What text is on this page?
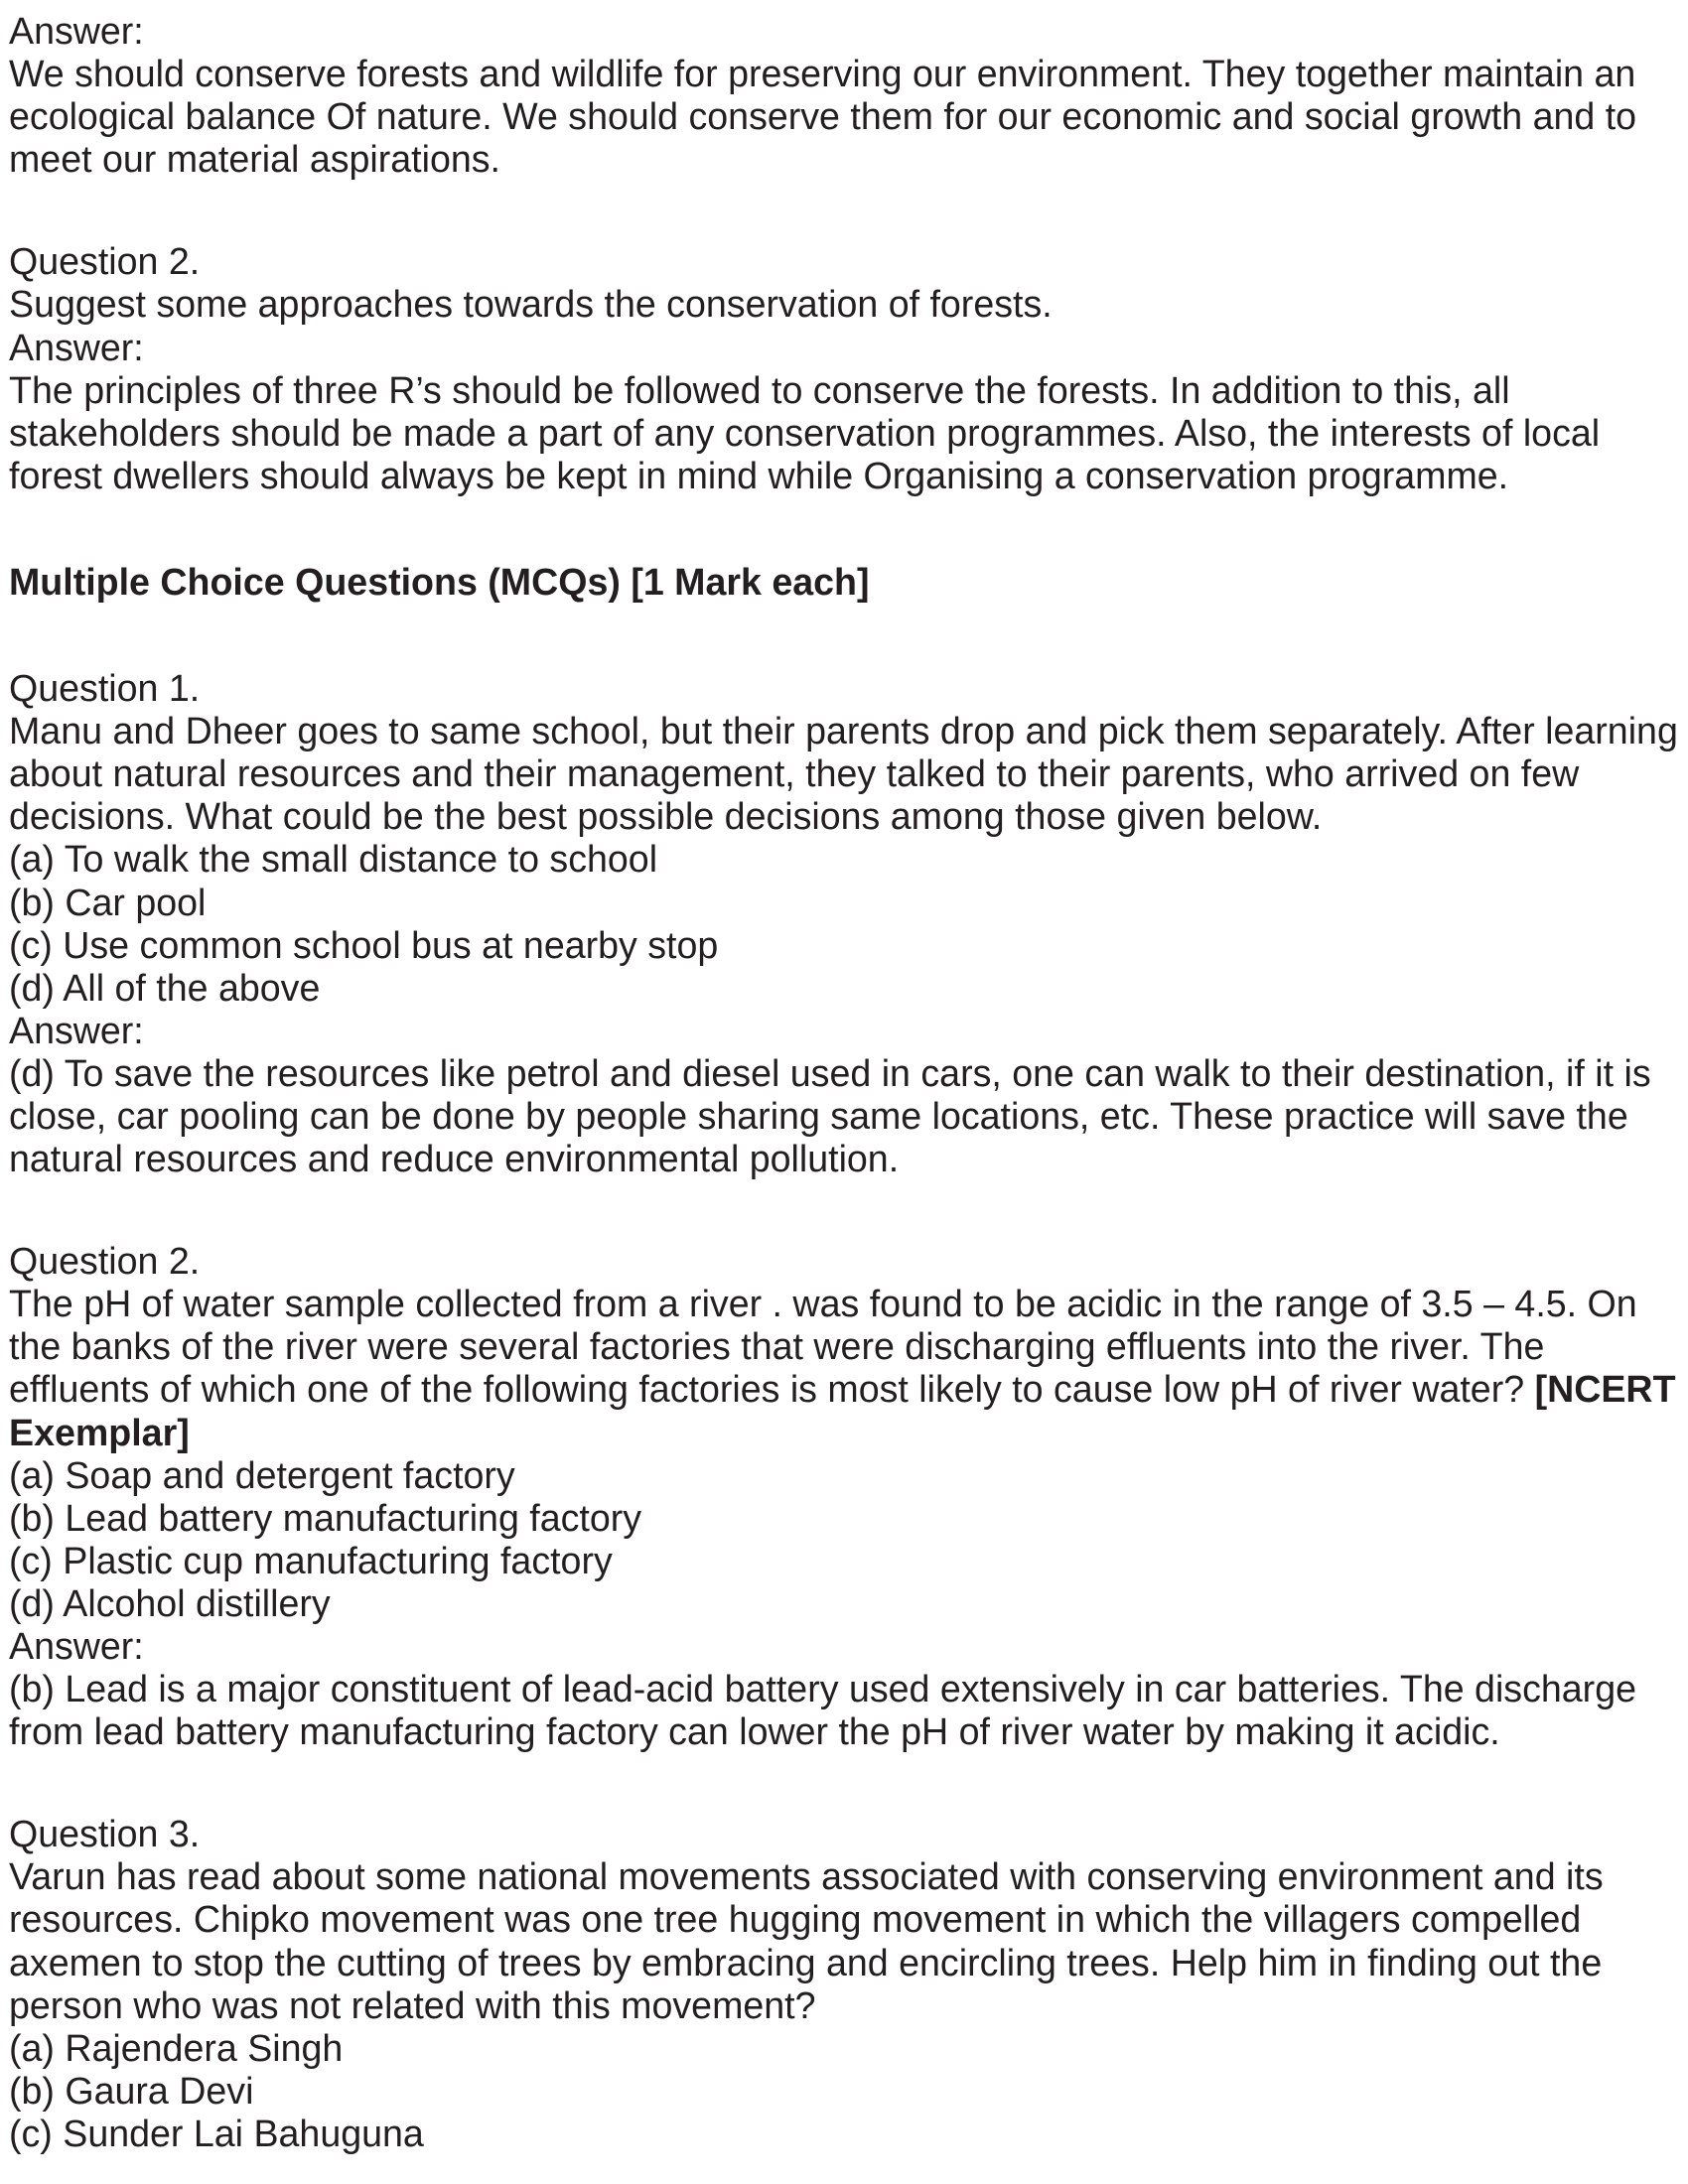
Answer:
We should conserve forests and wildlife for preserving our environment. They together maintain an
ecological balance Of nature. We should conserve them for our economic and social growth and to
meet our material aspirations.
Question 2.
Suggest some approaches towards the conservation of forests.
Answer:
The principles of three R’s should be followed to conserve the forests. In addition to this, all
stakeholders should be made a part of any conservation programmes. Also, the interests of local
forest dwellers should always be kept in mind while Organising a conservation programme.
Multiple Choice Questions (MCQs) [1 Mark each]
Question 1.
Manu and Dheer goes to same school, but their parents drop and pick them separately. After learning
about natural resources and their management, they talked to their parents, who arrived on few
decisions. What could be the best possible decisions among those given below.
(a) To walk the small distance to school
(b) Car pool
(c) Use common school bus at nearby stop
(d) All of the above
Answer:
(d) To save the resources like petrol and diesel used in cars, one can walk to their destination, if it is
close, car pooling can be done by people sharing same locations, etc. These practice will save the
natural resources and reduce environmental pollution.
Question 2.
The pH of water sample collected from a river . was found to be acidic in the range of 3.5 – 4.5. On
the banks of the river were several factories that were discharging effluents into the river. The
effluents of which one of the following factories is most likely to cause low pH of river water? [NCERT
Exemplar]
(a) Soap and detergent factory
(b) Lead battery manufacturing factory
(c) Plastic cup manufacturing factory
(d) Alcohol distillery
Answer:
(b) Lead is a major constituent of lead-acid battery used extensively in car batteries. The discharge
from lead battery manufacturing factory can lower the pH of river water by making it acidic.
Question 3.
Varun has read about some national movements associated with conserving environment and its
resources. Chipko movement was one tree hugging movement in which the villagers compelled
axemen to stop the cutting of trees by embracing and encircling trees. Help him in finding out the
person who was not related with this movement?
(a) Rajendera Singh
(b) Gaura Devi
(c) Sunder Lai Bahuguna
